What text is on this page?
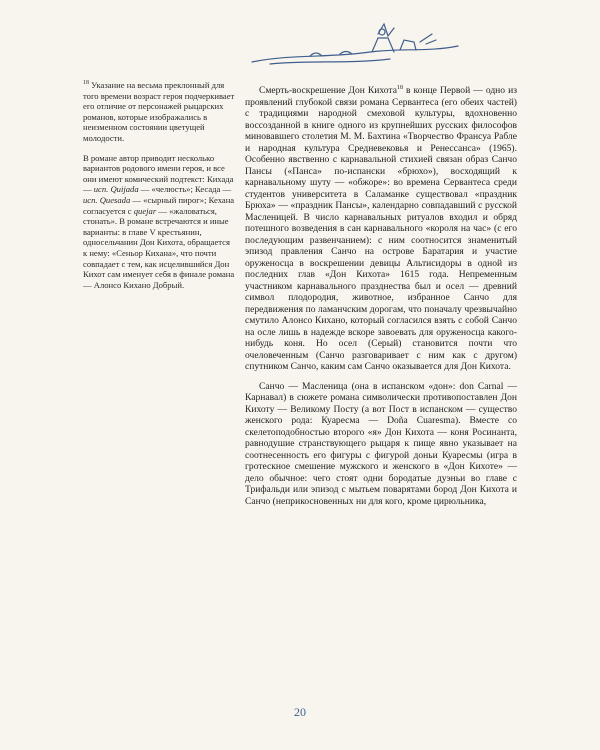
$^{18}$ Указание на весьма преклонный для того времени возраст героя подчеркивает его отличие от персонажей рыцарских романов, которые изображались в неизменном состоянии цветущей молодости.

В романе автор приводит несколько вариантов родового имени героя, и все они имеют комический подтекст: Кихада — исп. Quijada — «челюсть»; Кесада — исп. Quesada — «сырный пирог»; Кехана согласуется с quejar — «жаловаться, стонать». В романе встречаются и иные варианты: в главе V крестьянин, односельчанин Дон Кихота, обращается к нему: «Сеньор Кихана», что почти совпадает с тем, как исцелившийся Дон Кихот сам именует себя в финале романа — Алонсо Кихано Добрый.

Смерть-воскрешение Дон Кихота$^{18}$ в конце Первой — одно из проявлений глубокой связи романа Сервантеса (его обеих частей) с традициями народной смеховой культуры, вдохновенно воссозданной в книге одного из крупнейших русских философов миновавшего столетия М. М. Бахтина «Творчество Франсуа Рабле и народная культура Средневековья и Ренессанса» (1965). Особенно явственно с карнавальной стихией связан образ Санчо Пансы («Панса» по-испански «брюхо»), восходящий к карнавальному шуту — «обжоре»: во времена Сервантеса среди студентов университета в Саламанке существовал «праздник Брюха» — «праздник Пансы», календарно совпадавший с русской Масленицей. В число карнавальных ритуалов входил и обряд потешного возведения в сан карнавального «короля на час» (с его последующим развенчанием): с ним соотносится знаменитый эпизод правления Санчо на острове Баратария и участие оруженосца в воскрешении девицы Альтисидоры в одной из последних глав «Дон Кихота» 1615 года. Непременным участником карнавального празднества был и осел — древний символ плодородия, животное, избранное Санчо для передвижения по ламанчским дорогам, что поначалу чрезвычайно смутило Алонсо Кихано, который согласился взять с собой Санчо на осле лишь в надежде вскоре завоевать для оруженосца какого-нибудь коня. Но осел (Серый) становится почти что очеловеченным (Санчо разговаривает с ним как с другом) спутником Санчо, каким сам Санчо оказывается для Дон Кихота.

Санчо — Масленица (она в испанском «дон»: don Carnal — Карнавал) в сюжете романа символически противопоставлен Дон Кихоту — Великому Посту (а вот Пост в испанском — существо женского рода: Куаресма — Doña Cuaresma). Вместе со скелетоподобностью второго «я» Дон Кихота — коня Росинанта, равнодушие странствующего рыцаря к пище явно указывает на соотнесенность его фигуры с фигурой доньи Куаресмы (игра в гротескное смешение мужского и женского в «Дон Кихоте» — дело обычное: чего стоят одни бородатые дуэньи во главе с Трифальди или эпизод с мытьем поварятами бород Дон Кихота и Санчо (неприкосновенных ни для кого, кроме цирюльника,

20
